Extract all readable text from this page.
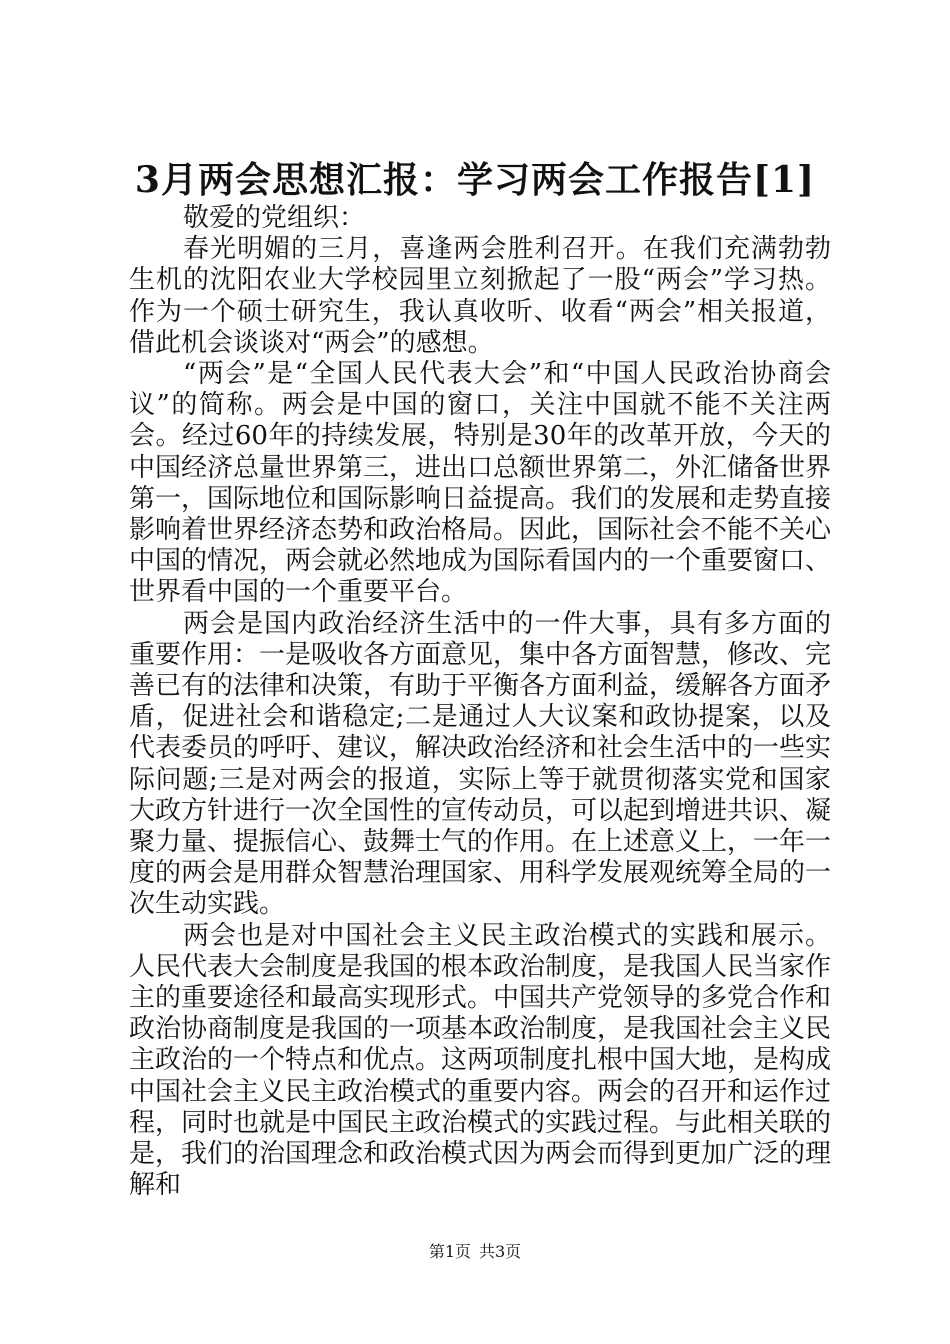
3月两会思想汇报：学习两会工作报告[1]

敬爱的党组织：

春光明媚的三月，喜逢两会胜利召开。在我们充满勃勃生机的沈阳农业大学校园里立刻掀起了一股“两会”学习热。作为一个硕士研究生，我认真收听、收看“两会”相关报道，借此机会谈谈对“两会”的感想。

“两会”是“全国人民代表大会”和“中国人民政治协商会议”的简称。两会是中国的窗口，关注中国就不能不关注两会。经过60年的持续发展，特别是30年的改革开放，今天的中国经济总量世界第三，进出口总额世界第二，外汇储备世界第一，国际地位和国际影响日益提高。我们的发展和走势直接影响着世界经济态势和政治格局。因此，国际社会不能不关心中国的情况，两会就必然地成为国际看国内的一个重要窗口、世界看中国的一个重要平台。

两会是国内政治经济生活中的一件大事，具有多方面的重要作用：一是吸收各方面意见，集中各方面智慧，修改、完善已有的法律和决策，有助于平衡各方面利益，缓解各方面矛盾，促进社会和谐稳定;二是通过人大议案和政协提案，以及代表委员的呼吁、建议，解决政治经济和社会生活中的一些实际问题;三是对两会的报道，实际上等于就贯彻落实党和国家大政方针进行一次全国性的宣传动员，可以起到增进共识、凝聚力量、提振信心、鼓舞士气的作用。在上述意义上，一年一度的两会是用群众智慧治理国家、用科学发展观统筹全局的一次生动实践。

两会也是对中国社会主义民主政治模式的实践和展示。人民代表大会制度是我国的根本政治制度，是我国人民当家作主的重要途径和最高实现形式。中国共产党领导的多党合作和政治协商制度是我国的一项基本政治制度，是我国社会主义民主政治的一个特点和优点。这两项制度扎根中国大地，是构成中国社会主义民主政治模式的重要内容。两会的召开和运作过程，同时也就是中国民主政治模式的实践过程。与此相关联的是，我们的治国理念和政治模式因为两会而得到更加广泛的理解和

第1页 共3页
